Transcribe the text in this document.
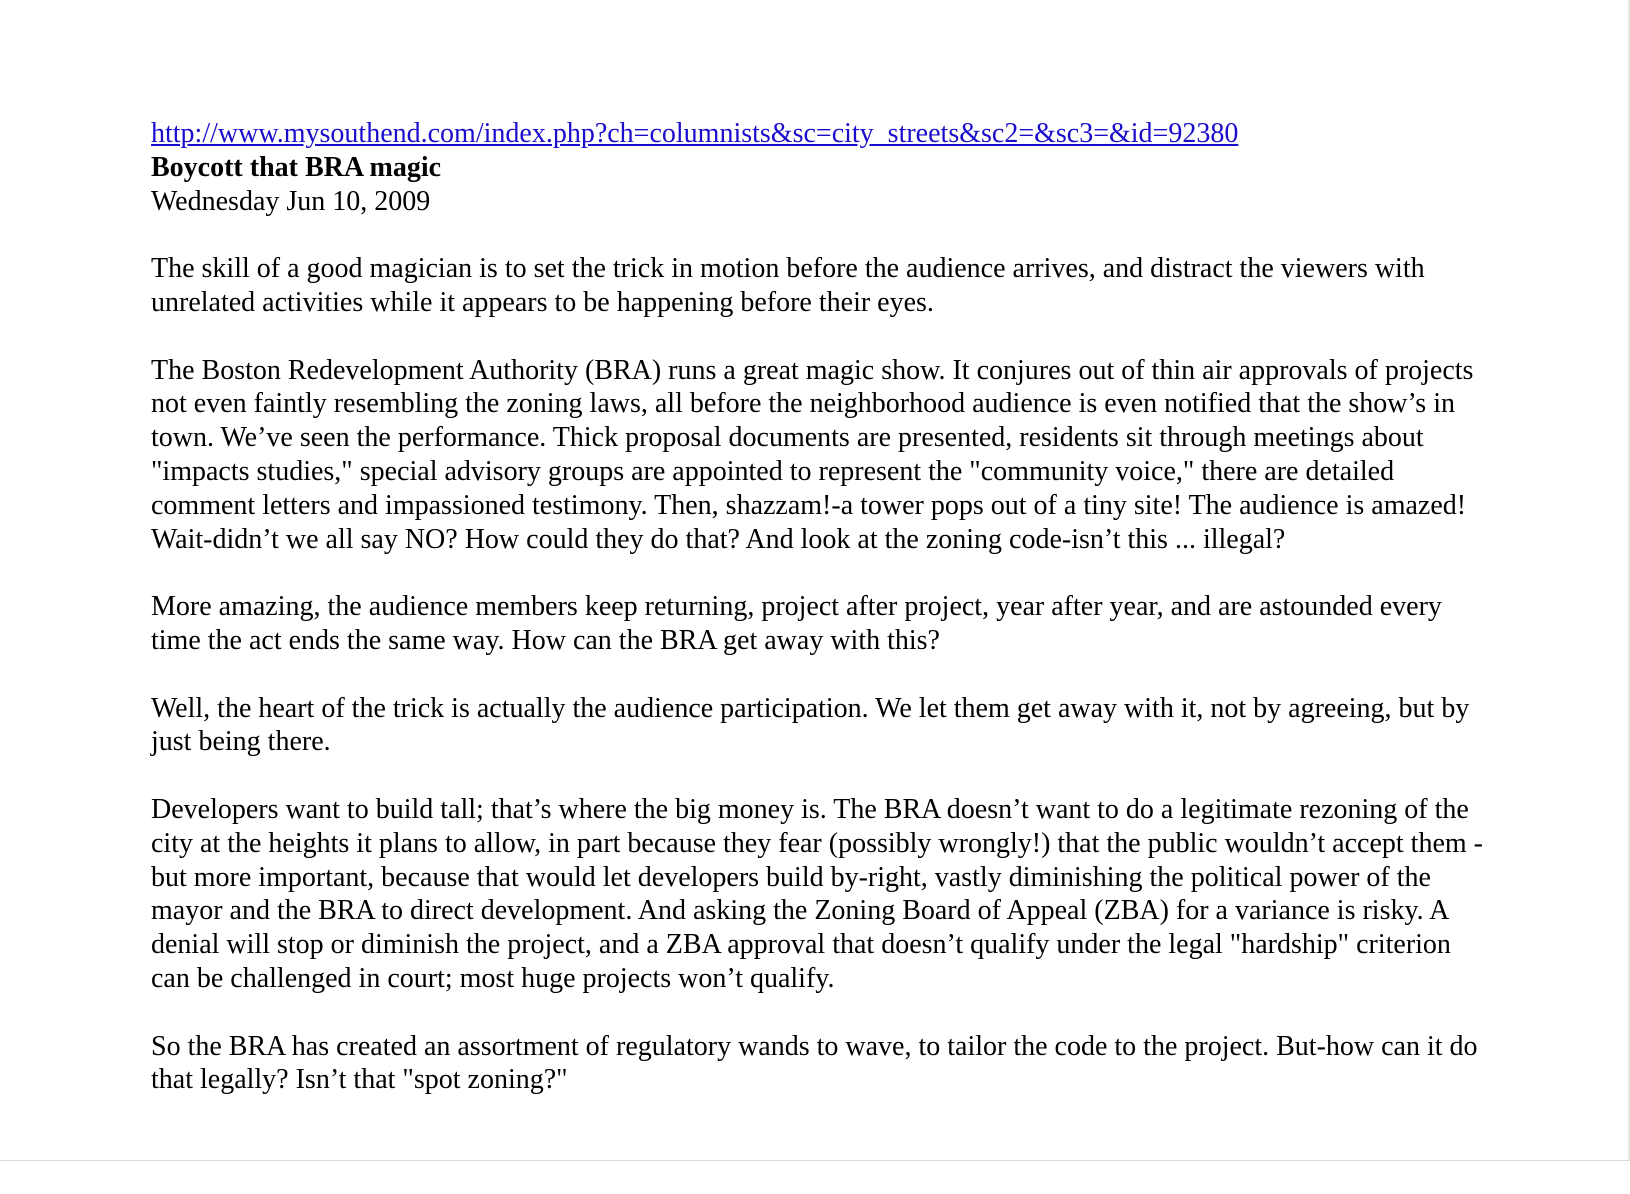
http://www.mysouthend.com/index.php?ch=columnists&sc=city_streets&sc2=&sc3=&id=92380
Boycott that BRA magic
Wednesday Jun 10, 2009

The skill of a good magician is to set the trick in motion before the audience arrives, and distract the viewers with unrelated activities while it appears to be happening before their eyes.

The Boston Redevelopment Authority (BRA) runs a great magic show. It conjures out of thin air approvals of projects not even faintly resembling the zoning laws, all before the neighborhood audience is even notified that the show’s in town. We’ve seen the performance. Thick proposal documents are presented, residents sit through meetings about "impacts studies," special advisory groups are appointed to represent the "community voice," there are detailed comment letters and impassioned testimony. Then, shazzam!-a tower pops out of a tiny site! The audience is amazed! Wait-didn’t we all say NO? How could they do that? And look at the zoning code-isn’t this ... illegal?

More amazing, the audience members keep returning, project after project, year after year, and are astounded every time the act ends the same way. How can the BRA get away with this?

Well, the heart of the trick is actually the audience participation. We let them get away with it, not by agreeing, but by just being there.

Developers want to build tall; that’s where the big money is. The BRA doesn’t want to do a legitimate rezoning of the city at the heights it plans to allow, in part because they fear (possibly wrongly!) that the public wouldn’t accept them - but more important, because that would let developers build by-right, vastly diminishing the political power of the mayor and the BRA to direct development. And asking the Zoning Board of Appeal (ZBA) for a variance is risky. A denial will stop or diminish the project, and a ZBA approval that doesn’t qualify under the legal "hardship" criterion can be challenged in court; most huge projects won’t qualify.

So the BRA has created an assortment of regulatory wands to wave, to tailor the code to the project. But-how can it do that legally? Isn’t that "spot zoning?"
